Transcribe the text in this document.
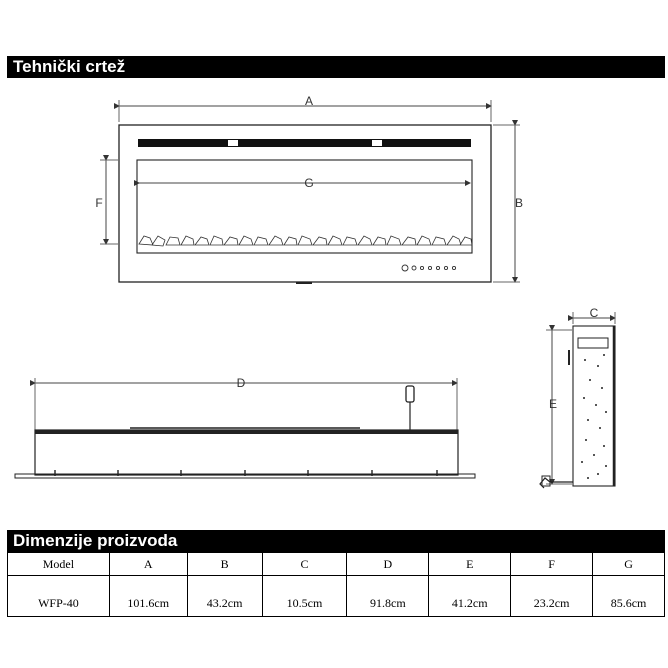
Tehnički crtež
A
G
F	B
D
C
E
Dimenzije proizvoda
Model	A	B	C	D	E	F	G

WFP-40	101.6cm	43.2cm	10.5cm	91.8cm	41.2cm	23.2cm	85.6cm
